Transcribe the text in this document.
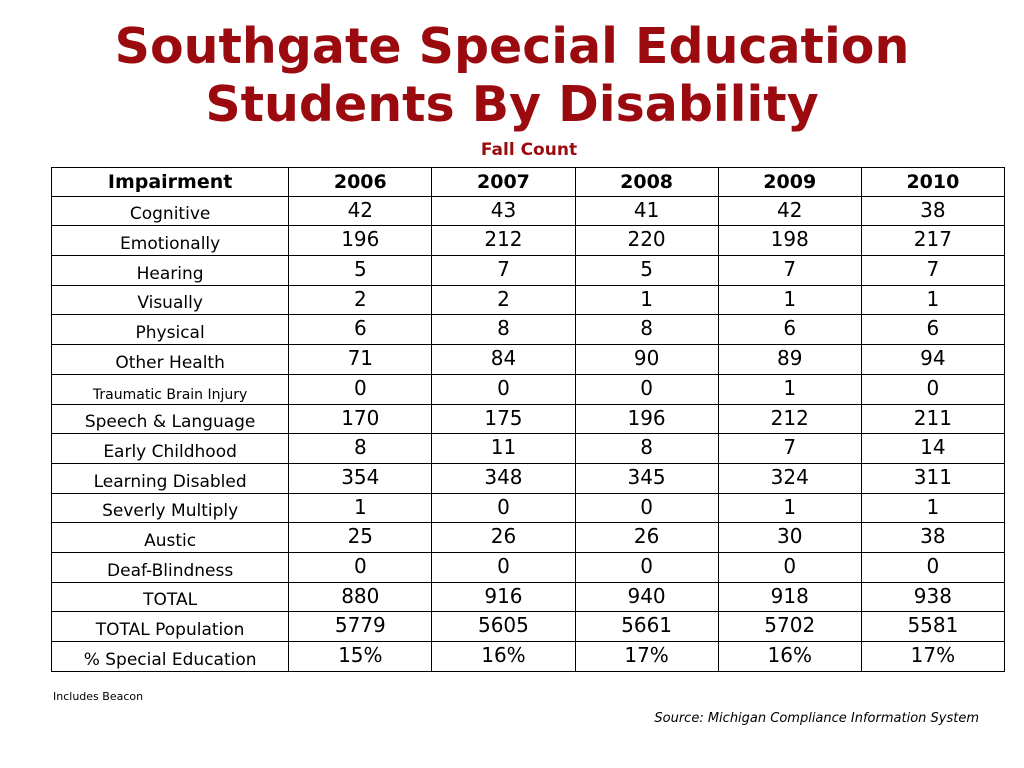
Southgate Special Education
Students By Disability
Fall Count
Impairment	2006	2007	2008	2009	2010
Cognitive	42	43	41	42	38
Emotionally	196	212	220	198	217
Hearing	5	7	5	7	7
Visually	2	2	1	1	1
Physical	6	8	8	6	6
Other Health	71	84	90	89	94
Traumatic Brain Injury	0	0	0	1	0
Speech & Language	170	175	196	212	211
Early Childhood	8	11	8	7	14
Learning Disabled	354	348	345	324	311
Severly Multiply	1	0	0	1	1
Austic	25	26	26	30	38
Deaf-Blindness	0	0	0	0	0
TOTAL	880	916	940	918	938
TOTAL Population	5779	5605	5661	5702	5581
% Special Education	15%	16%	17%	16%	17%
Includes Beacon
Source: Michigan Compliance Information System
